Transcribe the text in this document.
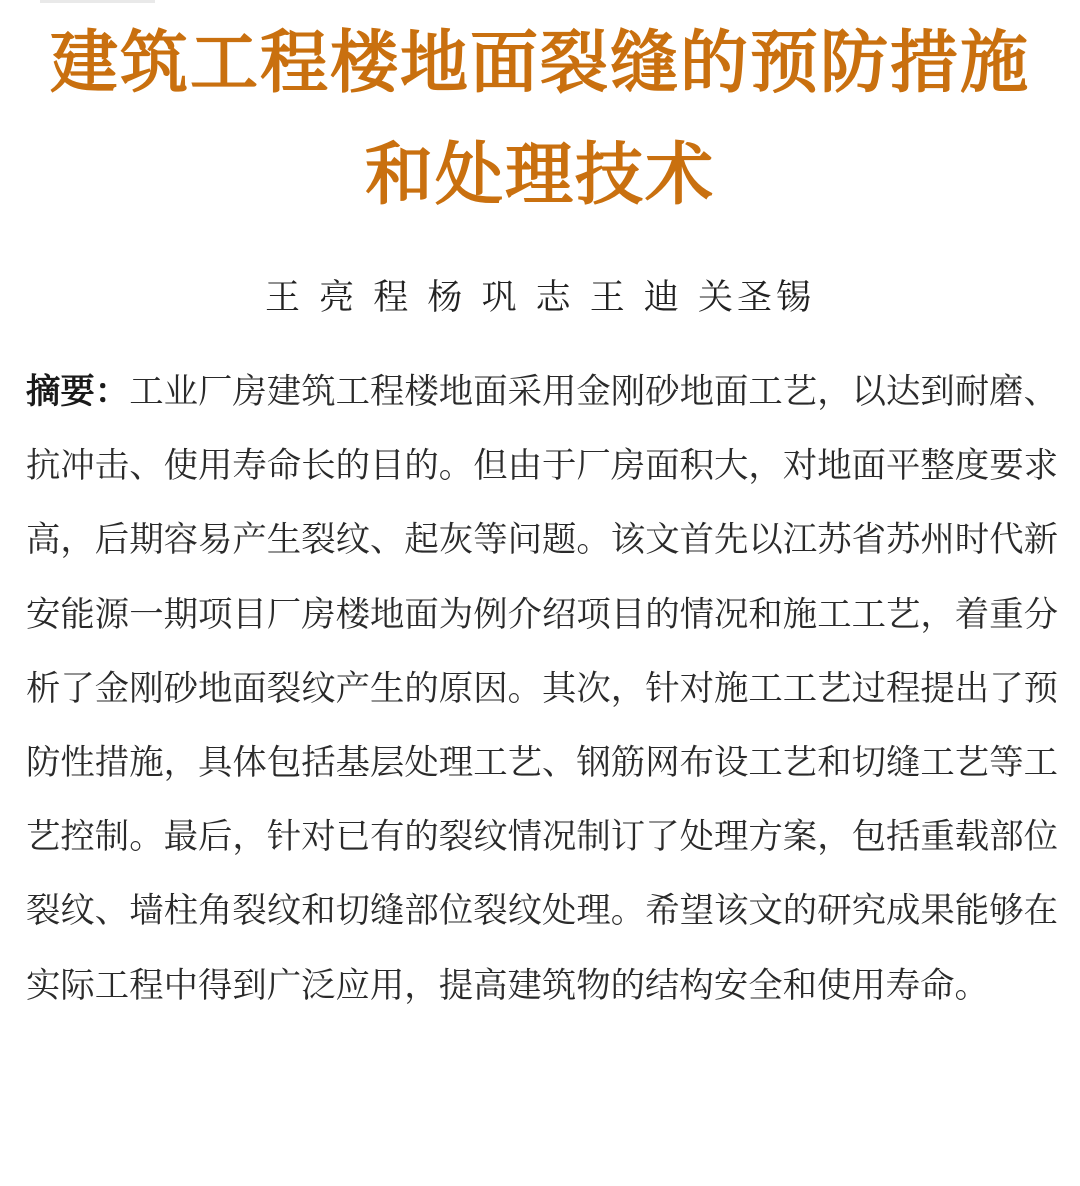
建筑工程楼地面裂缝的预防措施和处理技术
王 亮 程 杨 巩 志 王 迪 关圣锡

摘要：工业厂房建筑工程楼地面采用金刚砂地面工艺，以达到耐磨、抗冲击、使用寿命长的目的。但由于厂房面积大，对地面平整度要求高，后期容易产生裂纹、起灰等问题。该文首先以江苏省苏州时代新安能源一期项目厂房楼地面为例介绍项目的情况和施工工艺，着重分析了金刚砂地面裂纹产生的原因。其次，针对施工工艺过程提出了预防性措施，具体包括基层处理工艺、钢筋网布设工艺和切缝工艺等工艺控制。最后，针对已有的裂纹情况制订了处理方案，包括重载部位裂纹、墙柱角裂纹和切缝部位裂纹处理。希望该文的研究成果能够在实际工程中得到广泛应用，提高建筑物的结构安全和使用寿命。
